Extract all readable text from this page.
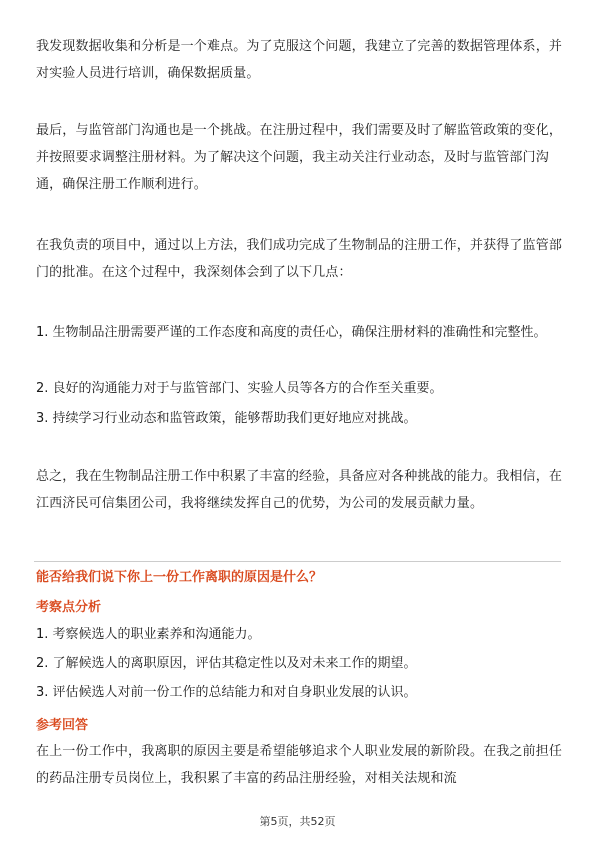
我发现数据收集和分析是一个难点。为了克服这个问题，我建立了完善的数据管理体系，并对实验人员进行培训，确保数据质量。

最后，与监管部门沟通也是一个挑战。在注册过程中，我们需要及时了解监管政策的变化，并按照要求调整注册材料。为了解决这个问题，我主动关注行业动态，及时与监管部门沟通，确保注册工作顺利进行。

在我负责的项目中，通过以上方法，我们成功完成了生物制品的注册工作，并获得了监管部门的批准。在这个过程中，我深刻体会到了以下几点：

1. 生物制品注册需要严谨的工作态度和高度的责任心，确保注册材料的准确性和完整性。

2. 良好的沟通能力对于与监管部门、实验人员等各方的合作至关重要。

3. 持续学习行业动态和监管政策，能够帮助我们更好地应对挑战。

总之，我在生物制品注册工作中积累了丰富的经验，具备应对各种挑战的能力。我相信，在江西济民可信集团公司，我将继续发挥自己的优势，为公司的发展贡献力量。

能否给我们说下你上一份工作离职的原因是什么？

考察点分析

1. 考察候选人的职业素养和沟通能力。

2. 了解候选人的离职原因，评估其稳定性以及对未来工作的期望。

3. 评估候选人对前一份工作的总结能力和对自身职业发展的认识。

参考回答

在上一份工作中，我离职的原因主要是希望能够追求个人职业发展的新阶段。在我之前担任的药品注册专员岗位上，我积累了丰富的药品注册经验，对相关法规和流

第5页，共52页
